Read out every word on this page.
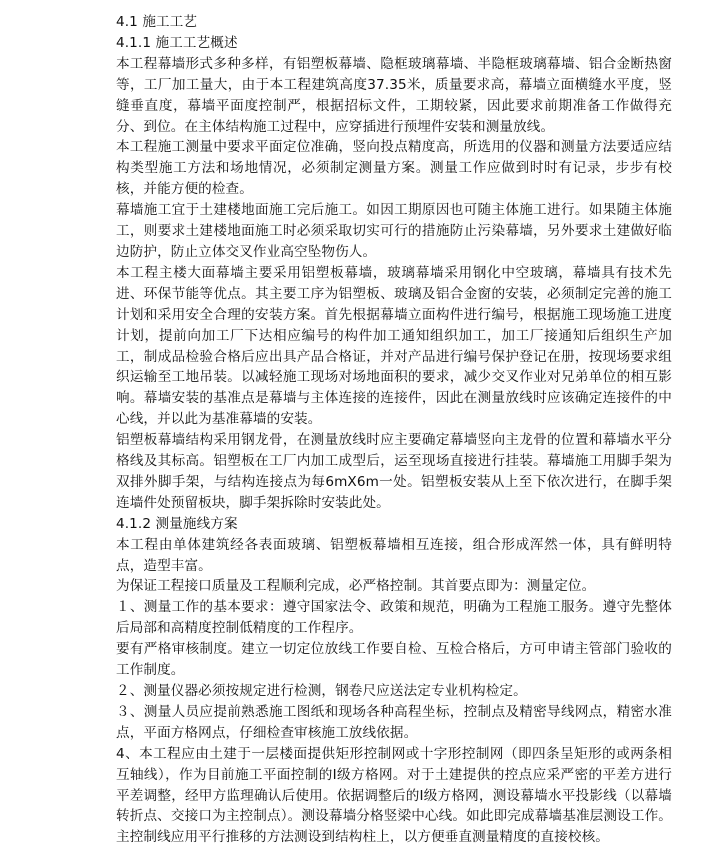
4.1 施工工艺
4.1.1 施工工艺概述

本工程幕墙形式多种多样，有铝塑板幕墙、隐框玻璃幕墙、半隐框玻璃幕墙、铝合金断热窗等，工厂加工量大，由于本工程建筑高度37.35米，质量要求高，幕墙立面横缝水平度，竖缝垂直度，幕墙平面度控制严，根据招标文件，工期较紧，因此要求前期准备工作做得充分、到位。在主体结构施工过程中，应穿插进行预埋件安装和测量放线。

本工程施工测量中要求平面定位准确，竖向投点精度高，所选用的仪器和测量方法要适应结构类型施工方法和场地情况，必须制定测量方案。测量工作应做到时时有记录，步步有校核，并能方便的检查。

幕墙施工宜于土建楼地面施工完后施工。如因工期原因也可随主体施工进行。如果随主体施工，则要求土建楼地面施工时必须采取切实可行的措施防止污染幕墙，另外要求土建做好临边防护，防止立体交叉作业高空坠物伤人。

本工程主楼大面幕墙主要采用铝塑板幕墙，玻璃幕墙采用钢化中空玻璃，幕墙具有技术先进、环保节能等优点。其主要工序为铝塑板、玻璃及铝合金窗的安装，必须制定完善的施工计划和采用安全合理的安装方案。首先根据幕墙立面构件进行编号，根据施工现场施工进度计划，提前向加工厂下达相应编号的构件加工通知组织加工，加工厂接通知后组织生产加工，制成品检验合格后应出具产品合格证，并对产品进行编号保护登记在册，按现场要求组织运输至工地吊装。以减轻施工现场对场地面积的要求，减少交叉作业对兄弟单位的相互影响。幕墙安装的基准点是幕墙与主体连接的连接件，因此在测量放线时应该确定连接件的中心线，并以此为基准幕墙的安装。

铝塑板幕墙结构采用钢龙骨，在测量放线时应主要确定幕墙竖向主龙骨的位置和幕墙水平分格线及其标高。铝塑板在工厂内加工成型后，运至现场直接进行挂装。幕墙施工用脚手架为双排外脚手架，与结构连接点为每6mX6m一处。铝塑板安装从上至下依次进行，在脚手架连墙件处预留板块，脚手架拆除时安装此处。

4.1.2 测量施线方案

本工程由单体建筑经各表面玻璃、铝塑板幕墙相互连接，组合形成浑然一体，具有鲜明特点，造型丰富。

为保证工程接口质量及工程顺利完成，必严格控制。其首要点即为：测量定位。

１、测量工作的基本要求：遵守国家法令、政策和规范，明确为工程施工服务。遵守先整体后局部和高精度控制低精度的工作程序。

要有严格审核制度。建立一切定位放线工作要自检、互检合格后，方可申请主管部门验收的工作制度。

２、测量仪器必须按规定进行检测，钢卷尺应送法定专业机构检定。

３、测量人员应提前熟悉施工图纸和现场各种高程坐标，控制点及精密导线网点，精密水准点，平面方格网点，仔细检查审核施工放线依据。

4、本工程应由土建于一层楼面提供矩形控制网或十字形控制网（即四条呈矩形的或两条相互轴线），作为目前施工平面控制的Ⅰ级方格网。对于土建提供的控点应采严密的平差方进行平差调整，经甲方监理确认后使用。依据调整后的Ⅰ级方格网，测设幕墙水平投影线（以幕墙转折点、交接口为主控制点）。测设幕墙分格竖梁中心线。如此即完成幕墙基准层测设工作。主控制线应用平行推移的方法测设到结构柱上，以方便垂直测量精度的直接校核。
